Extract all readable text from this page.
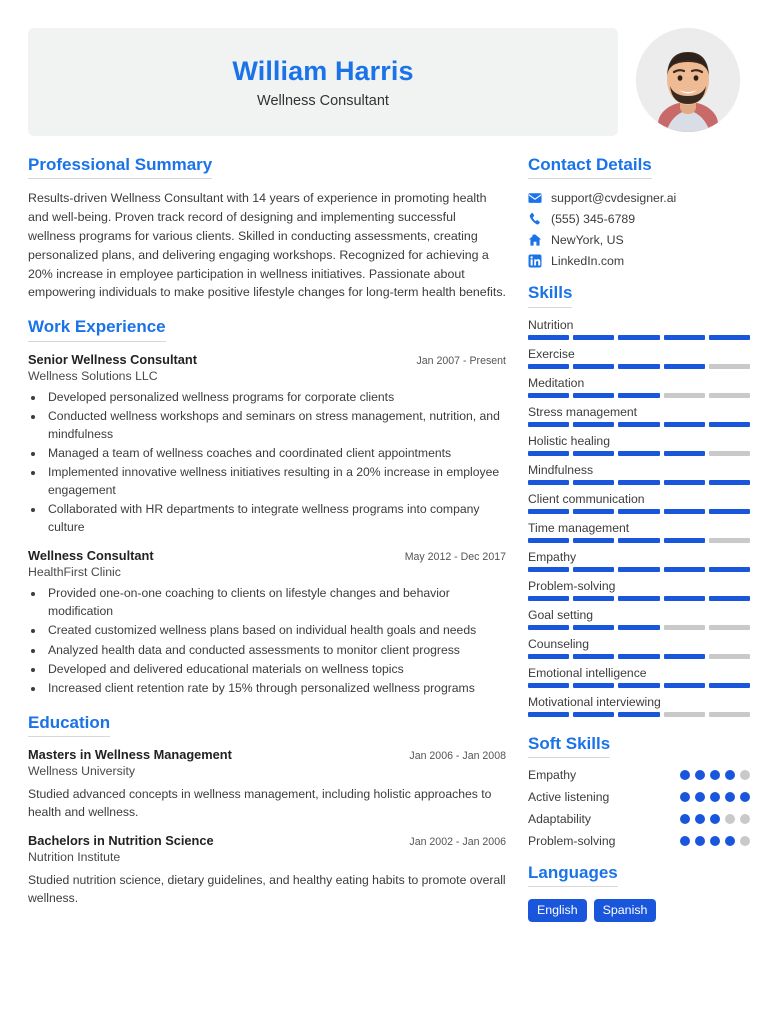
William Harris
Wellness Consultant
Professional Summary

Results-driven Wellness Consultant with 14 years of experience in promoting health and well-being. Proven track record of designing and implementing successful wellness programs for various clients. Skilled in conducting assessments, creating personalized plans, and delivering engaging workshops. Recognized for achieving a 20% increase in employee participation in wellness initiatives. Passionate about empowering individuals to make positive lifestyle changes for long-term health benefits.

Work Experience
Senior Wellness Consultant	Jan 2007 - Present
Wellness Solutions LLC
• Developed personalized wellness programs for corporate clients
• Conducted wellness workshops and seminars on stress management, nutrition, and mindfulness
• Managed a team of wellness coaches and coordinated client appointments
• Implemented innovative wellness initiatives resulting in a 20% increase in employee engagement
• Collaborated with HR departments to integrate wellness programs into company culture
Wellness Consultant	May 2012 - Dec 2017
HealthFirst Clinic
• Provided one-on-one coaching to clients on lifestyle changes and behavior modification
• Created customized wellness plans based on individual health goals and needs
• Analyzed health data and conducted assessments to monitor client progress
• Developed and delivered educational materials on wellness topics
• Increased client retention rate by 15% through personalized wellness programs
Education
Masters in Wellness Management	Jan 2006 - Jan 2008
Wellness University
Studied advanced concepts in wellness management, including holistic approaches to health and wellness.
Bachelors in Nutrition Science	Jan 2002 - Jan 2006
Nutrition Institute
Studied nutrition science, dietary guidelines, and healthy eating habits to promote overall wellness.
Contact Details
support@cvdesigner.ai
(555) 345-6789
NewYork, US
LinkedIn.com
Skills
Nutrition
Exercise
Meditation
Stress management
Holistic healing
Mindfulness
Client communication
Time management
Empathy
Problem-solving
Goal setting
Counseling
Emotional intelligence
Motivational interviewing
Soft Skills
Empathy
Active listening
Adaptability
Problem-solving
Languages
English	Spanish
